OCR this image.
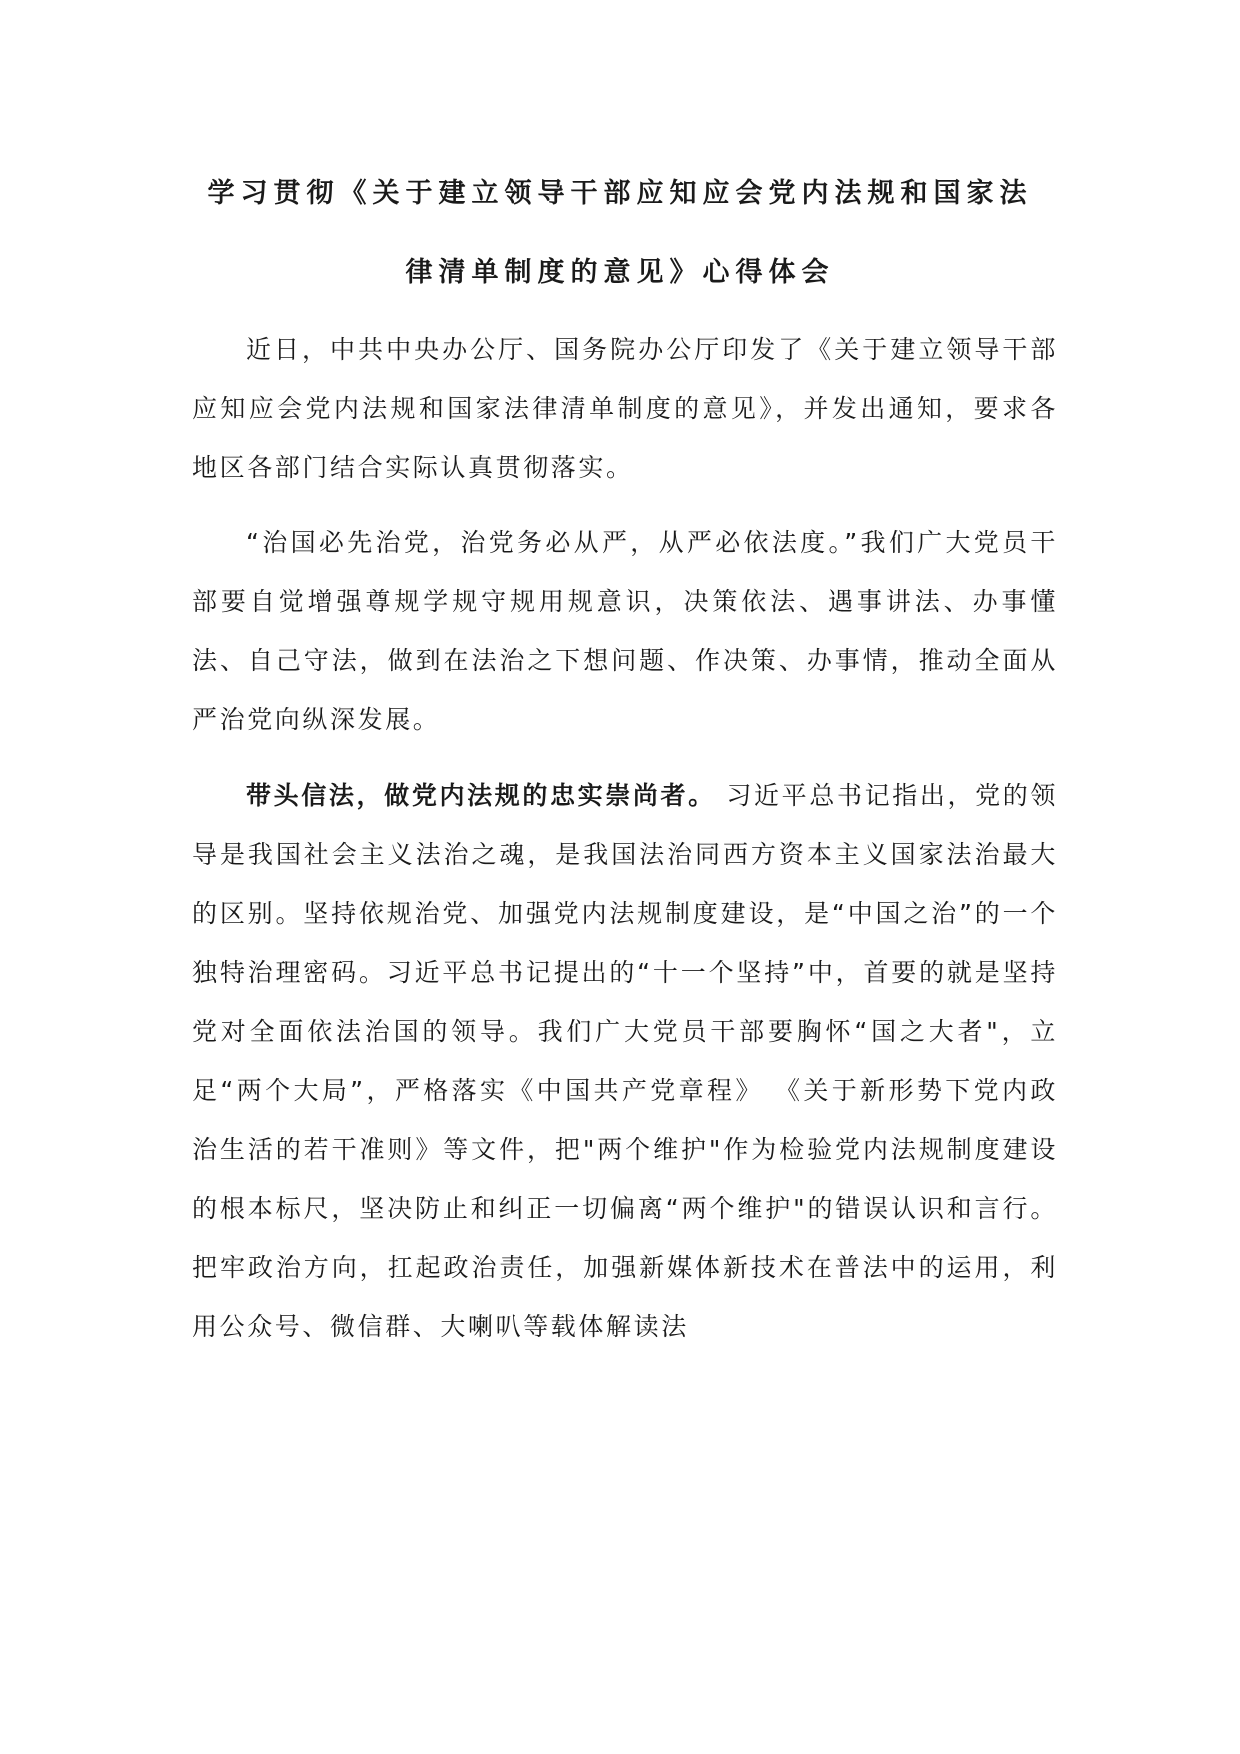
学习贯彻《关于建立领导干部应知应会党内法规和国家法
律清单制度的意见》心得体会

近日，中共中央办公厅、国务院办公厅印发了《关于建立领导干部应知应会党内法规和国家法律清单制度的意见》，并发出通知，要求各地区各部门结合实际认真贯彻落实。

“治国必先治党，治党务必从严，从严必依法度。”我们广大党员干部要自觉增强尊规学规守规用规意识，决策依法、遇事讲法、办事懂法、自己守法，做到在法治之下想问题、作决策、办事情，推动全面从严治党向纵深发展。

带头信法，做党内法规的忠实崇尚者。 习近平总书记指出，党的领导是我国社会主义法治之魂，是我国法治同西方资本主义国家法治最大的区别。坚持依规治党、加强党内法规制度建设，是“中国之治”的一个独特治理密码。习近平总书记提出的“十一个坚持”中，首要的就是坚持党对全面依法治国的领导。我们广大党员干部要胸怀“国之大者"，立足“两个大局”，严格落实《中国共产党章程》 《关于新形势下党内政治生活的若干准则》等文件，把"两个维护"作为检验党内法规制度建设的根本标尺，坚决防止和纠正一切偏离“两个维护"的错误认识和言行。把牢政治方向，扛起政治责任，加强新媒体新技术在普法中的运用，利用公众号、微信群、大喇叭等载体解读法
